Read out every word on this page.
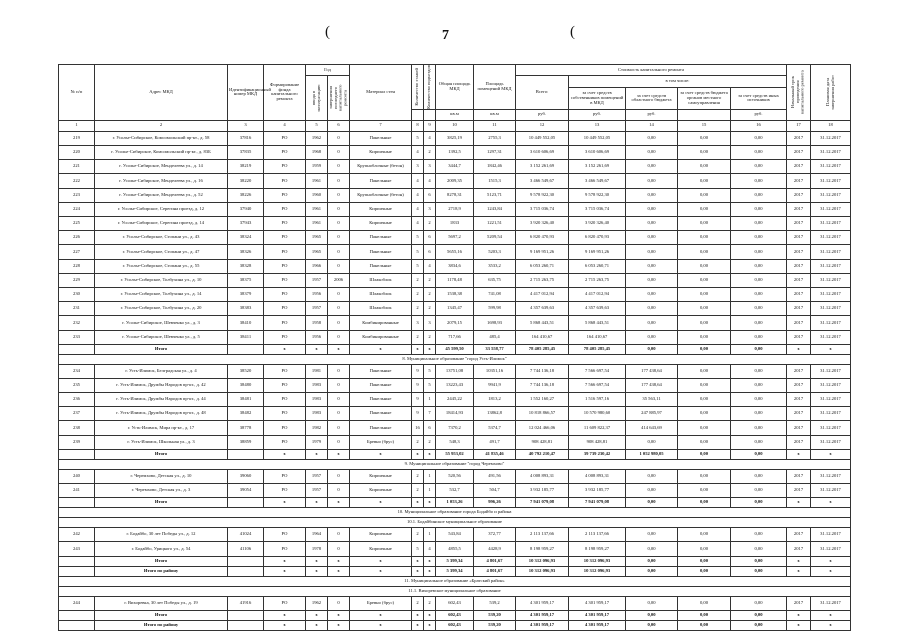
(	7	(
№ п/п	Адрес МКД	Идентификационный номер МКД	Формирование фонда капитального ремонта	Год		Материал стен	Количество этажей	Количество подъездов	Общая площадь МКД	Площадь помещений МКД	Стоимость капитального ремонта					Начальный срок проведения капитального ремонта	Плановая дата завершения работ

				ввода в эксплуатацию	завершения последнего капитального ремонта						Всего:	в том числе:					
												за счет средств собственников помещений в МКД	за счет средств областного бюджета	за счет средств бюджета органов местного самоуправления	за счет средств иных источников		
									кв.м	кв.м	руб.	руб.	руб.		руб.		
1	2	3	4	5	6	7	8	9	10	11	12	13	14	15	16	17	18
219	г. Усолье-Сибирское, Комсомольский пр-кт., д. 58	37816	РО	1962	0	Панельные	5	4	3825,19	2755,3	10 449 552,05	10 449 552,05	0,00	0,00	0,00	2017	31.12.2017
220	г. Усолье-Сибирское, Комсомольский пр-кт., д. 83Б	37835	РО	1968	0	Кирпичные	4	2	1392,5	1297,31	3 610 606,69	3 610 606,69	0,00	0,00	0,00	2017	31.12.2017
221	г. Усолье-Сибирское, Менделеева ул., д. 14	38219	РО	1959	0	Крупноблочные (бетон)	3	3	3444,7	1842,46	3 152 261,69	3 152 261,69	0,00	0,00	0,00	2017	31.12.2017
222	г. Усолье-Сибирское, Менделеева ул., д. 16	38220	РО	1961	0	Панельные	4	4	2009,35	1515,3	3 466 549,67	3 466 549,67	0,00	0,00	0,00	2017	31.12.2017
223	г. Усолье-Сибирское, Менделеева ул., д. 52	38226	РО	1960	0	Крупноблочные (бетон)	4	6	8278,31	5123,71	9 578 922,30	9 578 922,30	0,00	0,00	0,00	2017	31.12.2017
224	г. Усолье-Сибирское, Серегина проезд, д. 12	37940	РО	1961	0	Кирпичные	4	3	2718,9	1243,84	3 715 036,74	3 715 036,74	0,00	0,00	0,00	2017	31.12.2017
225	г. Усолье-Сибирское, Серегина проезд, д. 14	37943	РО	1961	0	Кирпичные	4	2	1833	1221,51	3 920 326,40	3 920 326,40	0,00	0,00	0,00	2017	31.12.2017
226	г. Усолье-Сибирское, Стопани ул., д. 43	38324	РО	1965	0	Панельные	5	6	5697,2	5209,54	6 820 470,93	6 820 470,93	0,00	0,00	0,00	2017	31.12.2017
227	г. Усолье-Сибирское, Стопани ул., д. 47	38326	РО	1965	0	Панельные	5	6	5655,16	5203,3	9 169 951,26	9 169 951,26	0,00	0,00	0,00	2017	31.12.2017
228	г. Усолье-Сибирское, Стопани ул., д. 55	38328	РО	1966	0	Панельные	5	4	3834,6	3533,2	6 053 260,71	6 053 260,71	0,00	0,00	0,00	2017	31.12.2017
229	г. Усолье-Сибирское, Толбухина ул., д. 10	38375	РО	1957	2006	Шлакоблок	2	2	1178,48	635,75	2 715 263,75	2 715 263,75	0,00	0,00	0,00	2017	31.12.2017
230	г. Усолье-Сибирское, Толбухина ул., д. 14	38379	РО	1956	0	Шлакоблок	2	2	1538,38	741,08	4 417 012,94	4 417 012,94	0,00	0,00	0,00	2017	31.12.2017
231	г. Усолье-Сибирское, Толбухина ул., д. 20	38383	РО	1957	0	Шлакоблок	2	2	1345,47	599,98	4 357 639,63	4 357 639,63	0,00	0,00	0,00	2017	31.12.2017
232	г. Усолье-Сибирское, Шевченко ул., д. 3	38410	РО	1958	0	Комбинированные	3	3	2079,15	1698,93	5 868 443,51	5 868 443,51	0,00	0,00	0,00	2017	31.12.2017
233	г. Усолье-Сибирское, Шевченко ул., д. 5	38411	РО	1956	0	Комбинированные	2	2	717,66	485,4	164 410,67	164 410,67	0,00	0,00	0,00	2017	31.12.2017
	Итого		x	x	x	x	x	x	45 599,50	33 558,77	78 405 285,45	78 405 285,45	0,00	0,00	0,00	x	x
8. Муниципальное образование "город Усть-Илимск"																	
234	г. Усть-Илимск, Белградская ул., д. 4	38520	РО	1981	0	Панельные	9	5	13751,08	10351,16	7 744 136,18	7 566 697,54	177 438,64	0,00	0,00	2017	31.12.2017
235	г. Усть-Илимск, Дружбы Народов пр-кт., д. 42	38480	РО	1983	0	Панельные	9	5	13223,43	9941,9	7 744 136,18	7 566 697,54	177 438,64	0,00	0,00	2017	31.12.2017
236	г. Усть-Илимск, Дружбы Народов пр-кт., д. 44	38481	РО	1983	0	Панельные	9	1	2445,22	1813,2	1 552 160,27	1 516 597,16	35 563,11	0,00	0,00	2017	31.12.2017
237	г. Усть-Илимск, Дружбы Народов пр-кт., д. 48	38482	РО	1983	0	Панельные	9	7	18414,93	13862,8	10 818 866,57	10 570 980,60	247 885,97	0,00	0,00	2017	31.12.2017
238	г. Усть-Илимск, Мира пр-кт., д. 17	38778	РО	1982	0	Панельные	16	6	7370,2	5374,7	12 024 466,06	11 609 822,37	414 643,69	0,00	0,00	2017	31.12.2017
239	г. Усть-Илимск, Школьная ул., д. 3	38859	РО	1979	0	Бревно (брус)	2	2	548,3	491,7	908 428,81	908 428,81	0,00	0,00	0,00	2017	31.12.2017
	Итого		x	x	x	x	x	x	55 953,02	41 835,46	40 792 210,47	39 739 230,42	1 052 980,05	0,00	0,00	x	x
9. Муниципальное образование "город Черемхово"																	
240	г. Черемхово, Детская ул., д. 10	39060	РО	1957	0	Кирпичные	2	1	520,56	491,56	4 008 893,31	4 008 893,31	0,00	0,00	0,00	2017	31.12.2017
241	г. Черемхово, Детская ул., д. 3	39054	РО	1957	0	Кирпичные	2	1	532,7	504,7	3 932 185,77	3 932 185,77	0,00	0,00	0,00	2017	31.12.2017
	Итого		x	x	x	x	x	x	1 053,26	996,26	7 941 079,08	7 941 079,08	0,00	0,00	0,00	x	x
10. Муниципальное образование города Бодайбо и района																	
10.1. Бодайбинское муниципальное образование																	
242	г. Бодайбо, 30 лет Победы ул., д. 12	41024	РО	1964	0	Кирпичные	2	1	543,84	372,77	2 113 137,66	2 113 137,66	0,00	0,00	0,00	2017	31.12.2017
243	г. Бодайбо, Урицкого ул., д. 54	41106	РО	1978	0	Кирпичные	5	4	4855,5	4428,9	8 198 959,27	8 198 959,27	0,00	0,00	0,00	2017	31.12.2017
	Итого		x	x	x	x	x	x	5 399,34	4 801,67	10 312 096,93	10 312 096,93	0,00	0,00	0,00	x	x
	Итого по району		x	x	x	x	x	x	5 399,34	4 801,67	10 312 096,93	10 312 096,93	0,00	0,00	0,00	x	x
11. Муниципальное образование «Братский район»																	
11.1. Вихоревское муниципальное образование																	
244	г. Вихоревка, 30 лет Победы ул., д. 19	41916	РО	1962	0	Бревно (брус)	2	2	602,43	539,2	4 301 959,17	4 301 959,17	0,00	0,00	0,00	2017	31.12.2017
	Итого		x	x	x	x	x	x	602,43	539,20	4 301 959,17	4 301 959,17	0,00	0,00	0,00	x	x
	Итого по району		x	x	x	x	x	x	602,43	539,20	4 301 959,17	4 301 959,17	0,00	0,00	0,00	x	x
